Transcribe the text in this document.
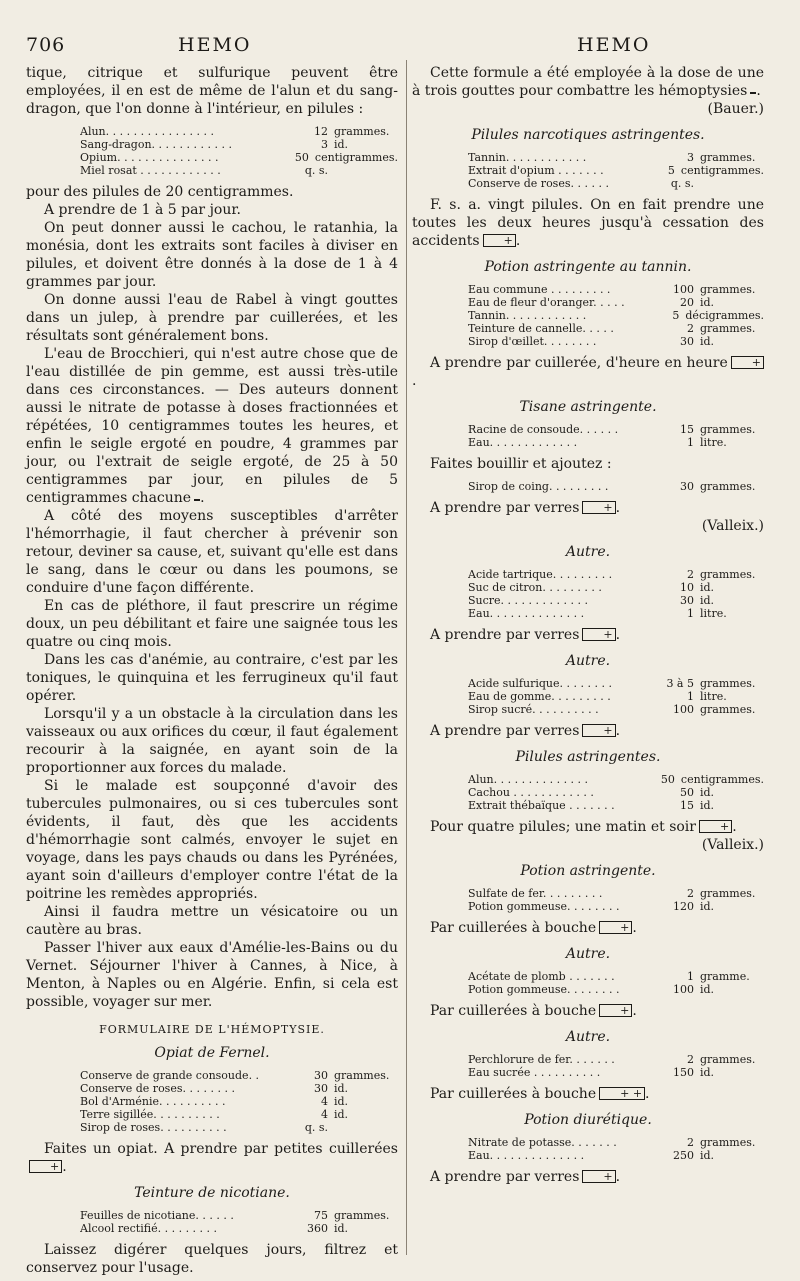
706	HEMO	HEMO

tique, citrique et sulfurique peuvent être employées, il en est de même de l'alun et du sang-dragon, que l'on donne à l'intérieur, en pilules :

Alun. . . . . . . . . . . . . . . .	12 grammes.
Sang-dragon. . . . . . . . . . . .	3 id.
Opium. . . . . . . . . . . . . . .	50 centigrammes.
Miel rosat . . . . . . . . . . . .	q. s.

pour des pilules de 20 centigrammes.

A prendre de 1 à 5 par jour.

On peut donner aussi le cachou, le ratanhia, la monésia, dont les extraits sont faciles à diviser en pilules, et doivent être donnés à la dose de 1 à 4 grammes par jour.

On donne aussi l'eau de Rabel à vingt gouttes dans un julep, à prendre par cuillerées, et les résultats sont généralement bons.

L'eau de Brocchieri, qui n'est autre chose que de l'eau distillée de pin gemme, est aussi très-utile dans ces circonstances. — Des auteurs donnent aussi le nitrate de potasse à doses fractionnées et répétées, 10 centigrammes toutes les heures, et enfin le seigle ergoté en poudre, 4 grammes par jour, ou l'extrait de seigle ergoté, de 25 à 50 centigrammes par jour, en pilules de 5 centigrammes chacune .

A côté des moyens susceptibles d'arrêter l'hémorrhagie, il faut chercher à prévenir son retour, deviner sa cause, et, suivant qu'elle est dans le sang, dans le cœur ou dans les poumons, se conduire d'une façon différente.

En cas de pléthore, il faut prescrire un régime doux, un peu débilitant et faire une saignée tous les quatre ou cinq mois.

Dans les cas d'anémie, au contraire, c'est par les toniques, le quinquina et les ferrugineux qu'il faut opérer.

Lorsqu'il y a un obstacle à la circulation dans les vaisseaux ou aux orifices du cœur, il faut également recourir à la saignée, en ayant soin de la proportionner aux forces du malade.

Si le malade est soupçonné d'avoir des tubercules pulmonaires, ou si ces tubercules sont évidents, il faut, dès que les accidents d'hémorrhagie sont calmés, envoyer le sujet en voyage, dans les pays chauds ou dans les Pyrénées, ayant soin d'ailleurs d'employer contre l'état de la poitrine les remèdes appropriés.

Ainsi il faudra mettre un vésicatoire ou un cautère au bras.

Passer l'hiver aux eaux d'Amélie-les-Bains ou du Vernet. Séjourner l'hiver à Cannes, à Nice, à Menton, à Naples ou en Algérie. Enfin, si cela est possible, voyager sur mer.

FORMULAIRE DE L'HÉMOPTYSIE.
Opiat de Fernel.
Conserve de grande consoude. .	30 grammes.
Conserve de roses. . . . . . . .	30 id.
Bol d'Arménie. . . . . . . . . .	4 id.
Terre sigillée. . . . . . . . . .	4 id.
Sirop de roses. . . . . . . . . .	q. s.

Faites un opiat. A prendre par petites cuillerées+ .

Teinture de nicotiane.
Feuilles de nicotiane. . . . . .	75 grammes.
Alcool rectifié. . . . . . . . .	360 id.

Laissez digérer quelques jours, filtrez et conservez pour l'usage.

Cette formule a été employée à la dose de une à trois gouttes pour combattre les hémoptysies .

(Bauer.)
Pilules narcotiques astringentes.
Tannin. . . . . . . . . . . .	3 grammes.
Extrait d'opium . . . . . . .	5 centigrammes.
Conserve de roses. . . . . .	q. s.

F. s. a. vingt pilules. On en fait prendre une toutes les deux heures jusqu'à cessation des accidents + .

Potion astringente au tannin.
Eau commune . . . . . . . . .	100 grammes.
Eau de fleur d'oranger. . . . .	20 id.
Tannin. . . . . . . . . . . .	5 décigrammes.
Teinture de cannelle. . . . .	2 grammes.
Sirop d'œillet. . . . . . . .	30 id.

A prendre par cuillerée, d'heure en heure +.

Tisane astringente.
Racine de consoude. . . . . .	15 grammes.
Eau. . . . . . . . . . . . .	1 litre.

Faites bouillir et ajoutez :

Sirop de coing. . . . . . . . .	30 grammes.

A prendre par verres + .

(Valleix.)
Autre.
Acide tartrique. . . . . . . . .	2 grammes.
Suc de citron. . . . . . . . .	10 id.
Sucre. . . . . . . . . . . . .	30 id.
Eau. . . . . . . . . . . . . .	1 litre.

A prendre par verres + .

Autre.
Acide sulfurique. . . . . . . .	3 à 5 grammes.
Eau de gomme. . . . . . . . .	1 litre.
Sirop sucré. . . . . . . . . .	100 grammes.

A prendre par verres + .

Pilules astringentes.
Alun. . . . . . . . . . . . . .	50 centigrammes.
Cachou . . . . . . . . . . . .	50 id.
Extrait thébaïque . . . . . . .	15 id.

Pour quatre pilules; une matin et soir + .

(Valleix.)
Potion astringente.
Sulfate de fer. . . . . . . . .	2 grammes.
Potion gommeuse. . . . . . . .	120 id.

Par cuillerées à bouche + .

Autre.
Acétate de plomb . . . . . . .	1 gramme.
Potion gommeuse. . . . . . . .	100 id.

Par cuillerées à bouche + .

Autre.
Perchlorure de fer. . . . . . .	2 grammes.
Eau sucrée . . . . . . . . . .	150 id.

Par cuillerées à bouche + + .

Potion diurétique.
Nitrate de potasse. . . . . . .	2 grammes.
Eau. . . . . . . . . . . . . .	250 id.

A prendre par verres + .
